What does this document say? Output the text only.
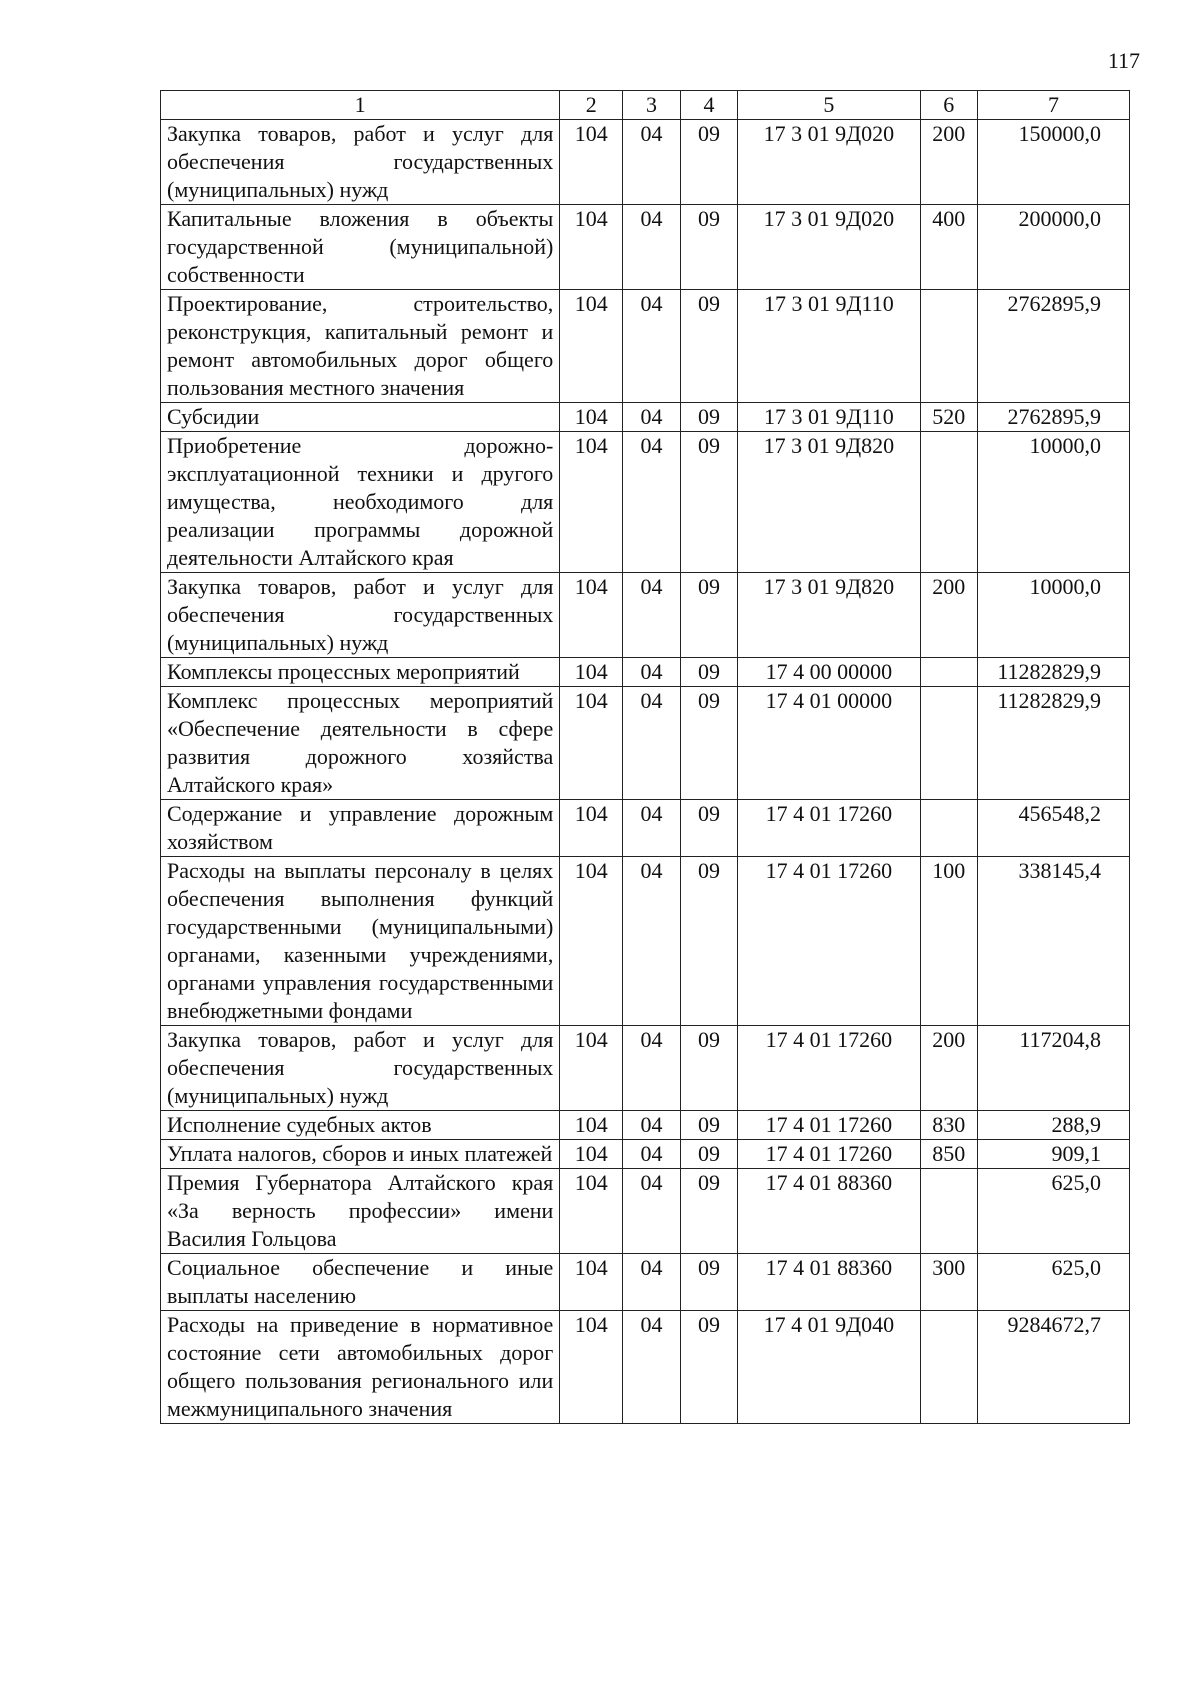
117
1	2	3	4	5	6	7
Закупка товаров, работ и услуг для обеспечения государственных (муниципальных) нужд	104	04	09	17 3 01 9Д020	200	150000,0
Капитальные вложения в объекты государственной (муниципальной) собственности	104	04	09	17 3 01 9Д020	400	200000,0
Проектирование, строительство, реконструкция, капитальный ремонт и ремонт автомобильных дорог общего пользования местного значения	104	04	09	17 3 01 9Д110		2762895,9
Субсидии	104	04	09	17 3 01 9Д110	520	2762895,9
Приобретение дорожно-эксплуатационной техники и другого имущества, необходимого для реализации программы дорожной деятельности Алтайского края	104	04	09	17 3 01 9Д820		10000,0
Закупка товаров, работ и услуг для обеспечения государственных (муниципальных) нужд	104	04	09	17 3 01 9Д820	200	10000,0
Комплексы процессных мероприятий	104	04	09	17 4 00 00000		11282829,9
Комплекс процессных мероприятий «Обеспечение деятельности в сфере развития дорожного хозяйства Алтайского края»	104	04	09	17 4 01 00000		11282829,9
Содержание и управление дорожным хозяйством	104	04	09	17 4 01 17260		456548,2
Расходы на выплаты персоналу в целях обеспечения выполнения функций государственными (муниципальными) органами, казенными учреждениями, органами управления государственными внебюджетными фондами	104	04	09	17 4 01 17260	100	338145,4
Закупка товаров, работ и услуг для обеспечения государственных (муниципальных) нужд	104	04	09	17 4 01 17260	200	117204,8
Исполнение судебных актов	104	04	09	17 4 01 17260	830	288,9
Уплата налогов, сборов и иных платежей	104	04	09	17 4 01 17260	850	909,1
Премия Губернатора Алтайского края «За верность профессии» имени Василия Гольцова	104	04	09	17 4 01 88360		625,0
Социальное обеспечение и иные выплаты населению	104	04	09	17 4 01 88360	300	625,0
Расходы на приведение в нормативное состояние сети автомобильных дорог общего пользования регионального или межмуниципального значения	104	04	09	17 4 01 9Д040		9284672,7
